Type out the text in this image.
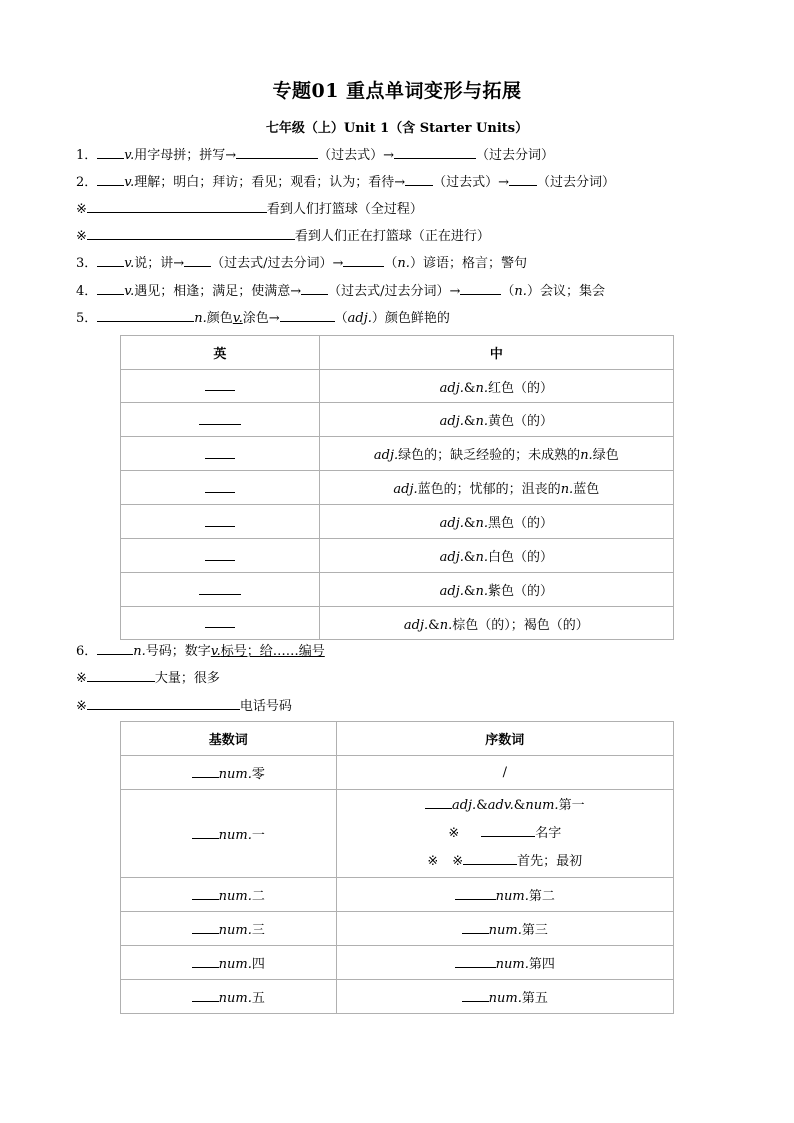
专题01 重点单词变形与拓展
七年级（上）Unit 1（含 Starter Units）
1． v.用字母拼；拼写→	（过去式）→	（过去分词）
2． v.理解；明白；拜访；看见；观看；认为；看待→ （过去式）→ （过去分词）
※	看到人们打篮球（全过程）
※	看到人们正在打篮球（正在进行）
3． v.说；讲→ （过去式/过去分词）→	（n.）谚语；格言；警句
4． v.遇见；相逢；满足；使满意→ （过去式/过去分词）→	（n.）会议；集会
5．	n.颜色v.涂色→	（adj.）颜色鲜艳的
英	中
	adj.&n.红色（的）
	adj.&n.黄色（的）
	adj.绿色的；缺乏经验的；未成熟的n.绿色
	adj.蓝色的；忧郁的；沮丧的n.蓝色
	adj.&n.黑色（的）
	adj.&n.白色（的）
	adj.&n.紫色（的）
	adj.&n.棕色（的）；褐色（的）
6．	n.号码；数字v.标号；给……编号
※	大量；很多
※	电话号码
基数词	序数词
num.零	/
num.一	adj.&adv.&num.第一
※ 名字
※ ※ 首先；最初

num.二	num.第二
num.三	num.第三
num.四	num.第四
num.五	num.第五
